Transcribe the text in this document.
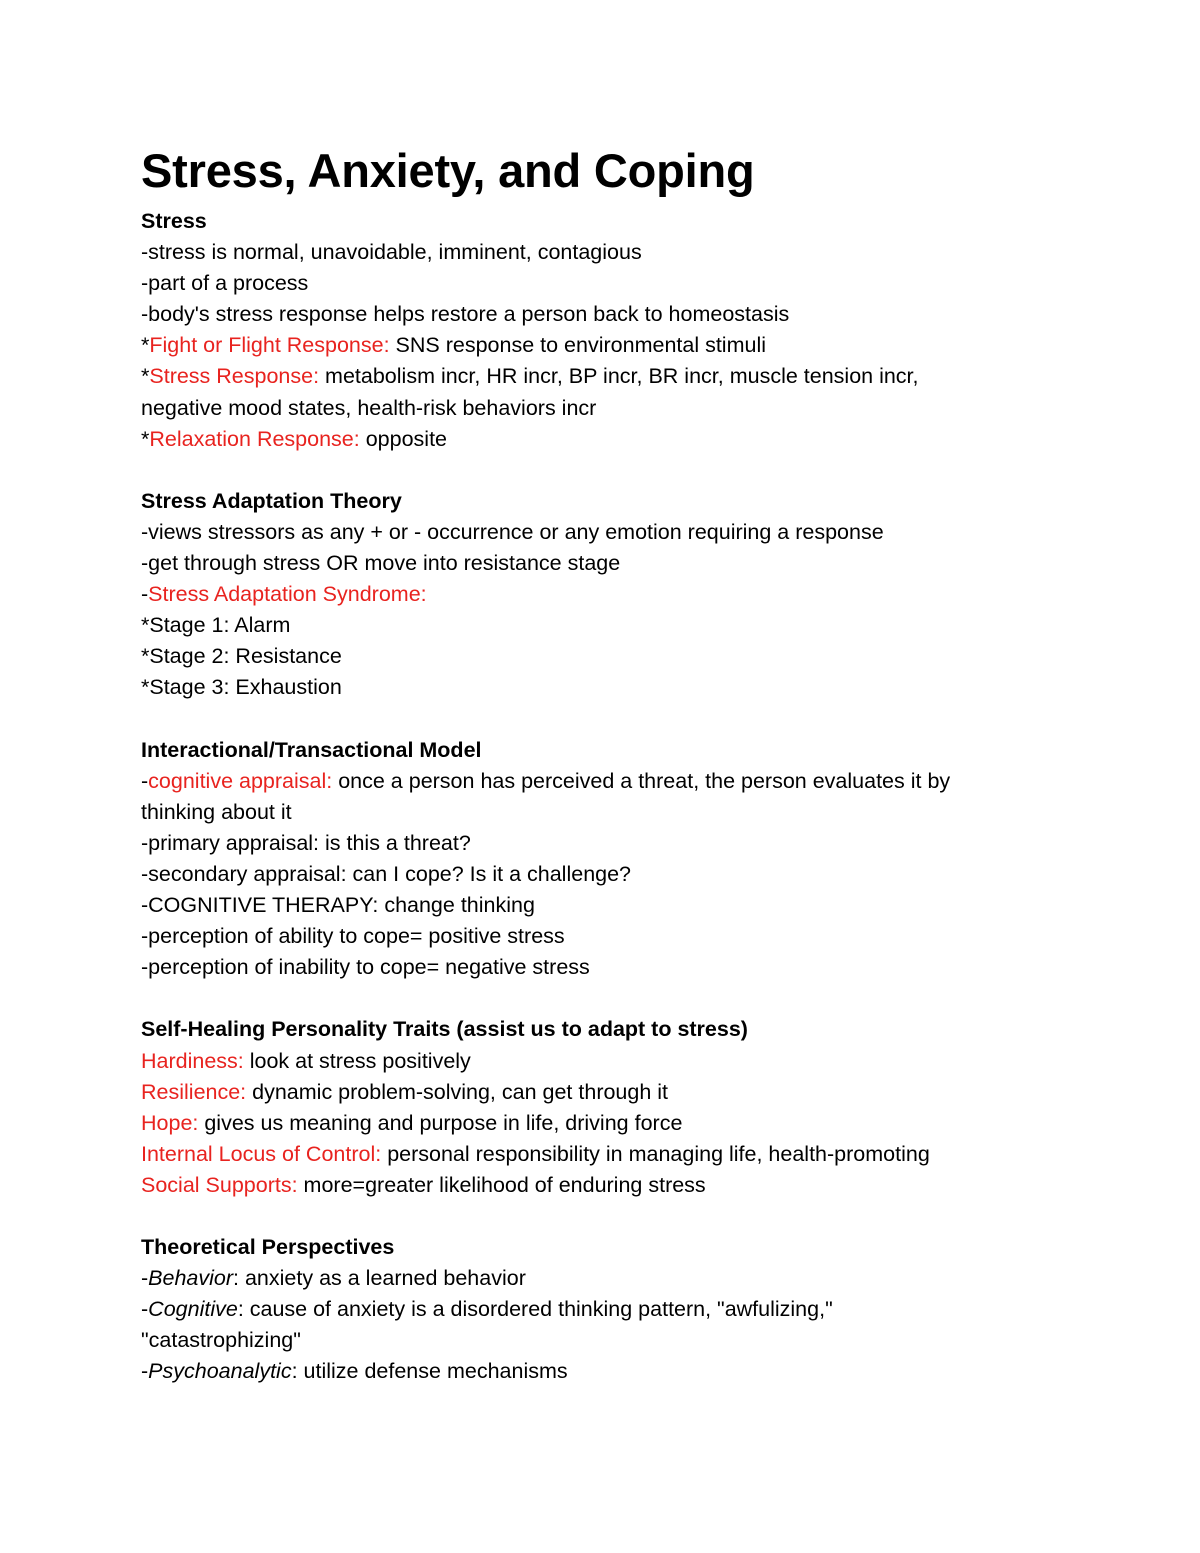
Stress, Anxiety, and Coping
Stress
-stress is normal, unavoidable, imminent, contagious
-part of a process
-body's stress response helps restore a person back to homeostasis
*Fight or Flight Response: SNS response to environmental stimuli
*Stress Response: metabolism incr, HR incr, BP incr, BR incr, muscle tension incr,
negative mood states, health-risk behaviors incr
*Relaxation Response: opposite
Stress Adaptation Theory
-views stressors as any + or - occurrence or any emotion requiring a response
-get through stress OR move into resistance stage
-Stress Adaptation Syndrome:
*Stage 1: Alarm
*Stage 2: Resistance
*Stage 3: Exhaustion
Interactional/Transactional Model
-cognitive appraisal: once a person has perceived a threat, the person evaluates it by
thinking about it
-primary appraisal: is this a threat?
-secondary appraisal: can I cope? Is it a challenge?
-COGNITIVE THERAPY: change thinking
-perception of ability to cope= positive stress
-perception of inability to cope= negative stress
Self-Healing Personality Traits (assist us to adapt to stress)
Hardiness: look at stress positively
Resilience: dynamic problem-solving, can get through it
Hope: gives us meaning and purpose in life, driving force
Internal Locus of Control: personal responsibility in managing life, health-promoting
Social Supports: more=greater likelihood of enduring stress
Theoretical Perspectives
-Behavior: anxiety as a learned behavior
-Cognitive: cause of anxiety is a disordered thinking pattern, "awfulizing,"
"catastrophizing"
-Psychoanalytic: utilize defense mechanisms
